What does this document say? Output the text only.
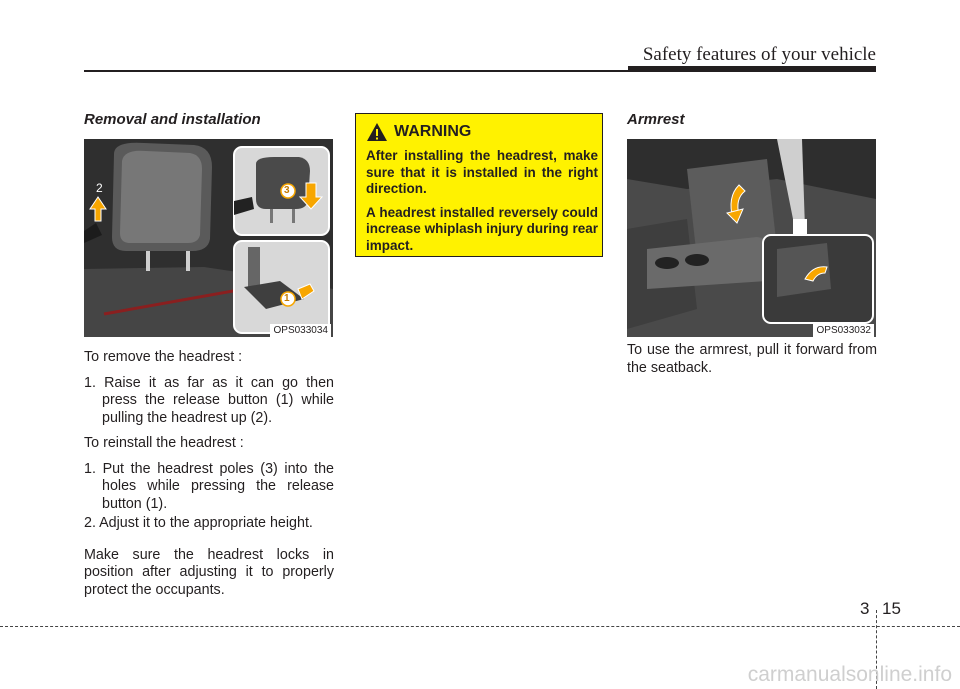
Safety features of your vehicle
Removal and installation
2	3
1
OPS033034

To remove the headrest :

1. Raise it as far as it can go then press the release button (1) while pulling the headrest up (2).

To reinstall the headrest :

1. Put the headrest poles (3) into the holes while pressing the release button (1).

2. Adjust it to the appropriate height.

Make sure the headrest locks in position after adjusting it to properly protect the occupants.

WARNING

After installing the headrest, make sure that it is installed in the right direction.

A headrest installed reversely could increase whiplash injury during rear impact.

Armrest
OPS033032
To use the armrest, pull it forward from the seatback.
3 15
carmanualsonline.info
